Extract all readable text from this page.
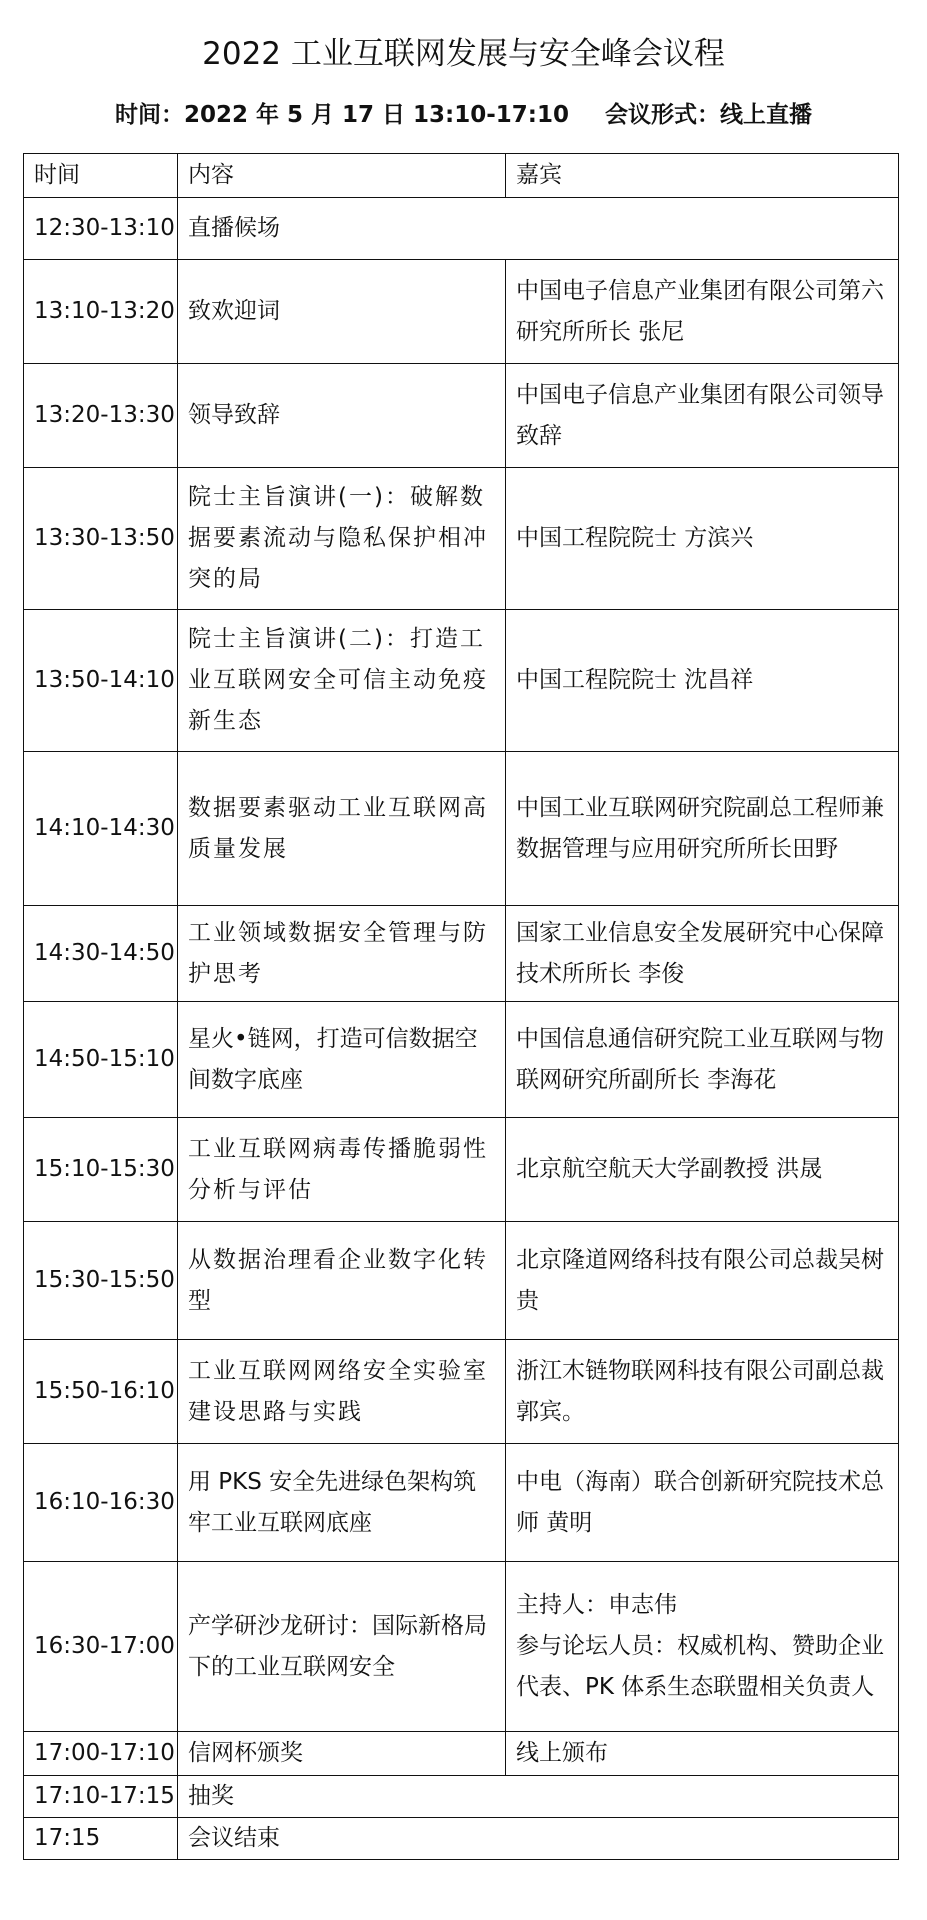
2022 工业互联网发展与安全峰会议程
时间：2022 年 5 月 17 日 13:10-17:10 会议形式：线上直播
时间	内容	嘉宾
12:30-13:10	直播候场	
13:10-13:20	致欢迎词	中国电子信息产业集团有限公司第六研究所所长 张尼
13:20-13:30	领导致辞	中国电子信息产业集团有限公司领导致辞
13:30-13:50	院士主旨演讲(一)：破解数据要素流动与隐私保护相冲突的局	中国工程院院士 方滨兴
13:50-14:10	院士主旨演讲(二)：打造工业互联网安全可信主动免疫新生态	中国工程院院士 沈昌祥
14:10-14:30	数据要素驱动工业互联网高质量发展	中国工业互联网研究院副总工程师兼数据管理与应用研究所所长田野
14:30-14:50	工业领域数据安全管理与防护思考	国家工业信息安全发展研究中心保障技术所所长 李俊
14:50-15:10	星火•链网，打造可信数据空间数字底座	中国信息通信研究院工业互联网与物联网研究所副所长 李海花
15:10-15:30	工业互联网病毒传播脆弱性分析与评估	北京航空航天大学副教授 洪晟
15:30-15:50	从数据治理看企业数字化转型	北京隆道网络科技有限公司总裁吴树贵
15:50-16:10	工业互联网网络安全实验室建设思路与实践	浙江木链物联网科技有限公司副总裁 郭宾。
16:10-16:30	用 PKS 安全先进绿色架构筑牢工业互联网底座	中电（海南）联合创新研究院技术总师 黄明
16:30-17:00	产学研沙龙研讨：国际新格局下的工业互联网安全	主持人：申志伟
参与论坛人员：权威机构、赞助企业代表、PK 体系生态联盟相关负责人

17:00-17:10	信网杯颁奖	线上颁布
17:10-17:15	抽奖	
17:15	会议结束	
